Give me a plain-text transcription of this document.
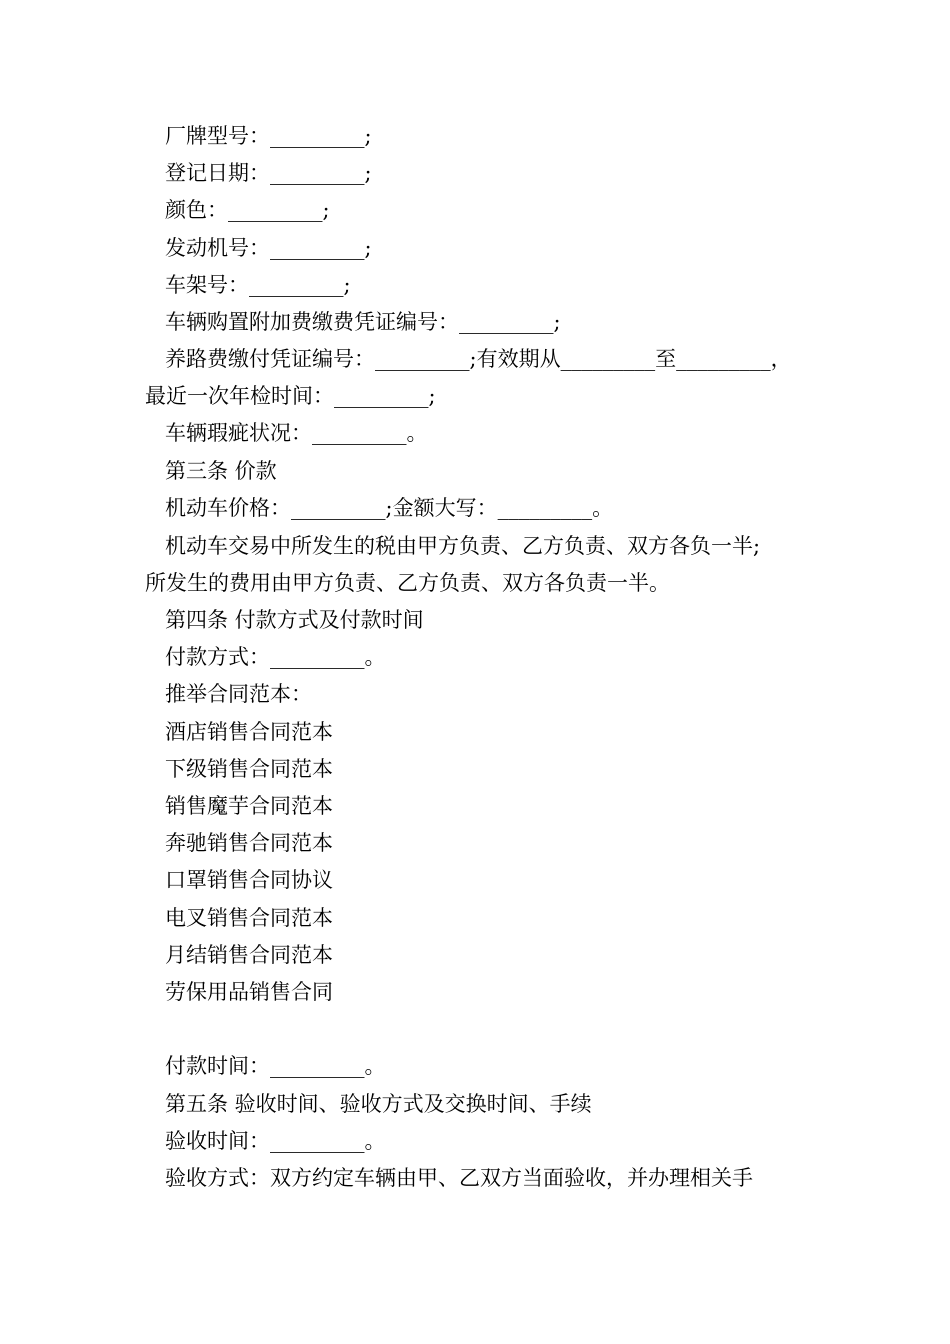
厂牌型号：_________;
登记日期：_________;
颜色：_________;
发动机号：_________;
车架号：_________;
车辆购置附加费缴费凭证编号：_________;
养路费缴付凭证编号：_________;有效期从_________至_________，
最近一次年检时间：_________;
车辆瑕疵状况：_________。
第三条 价款
机动车价格：_________;金额大写：_________。
机动车交易中所发生的税由甲方负责、乙方负责、双方各负一半;
所发生的费用由甲方负责、乙方负责、双方各负责一半。
第四条 付款方式及付款时间
付款方式：_________。
推举合同范本：
酒店销售合同范本
下级销售合同范本
销售魔芋合同范本
奔驰销售合同范本
口罩销售合同协议
电叉销售合同范本
月结销售合同范本
劳保用品销售合同
付款时间：_________。
第五条 验收时间、验收方式及交换时间、手续
验收时间：_________。
验收方式：双方约定车辆由甲、乙双方当面验收，并办理相关手
